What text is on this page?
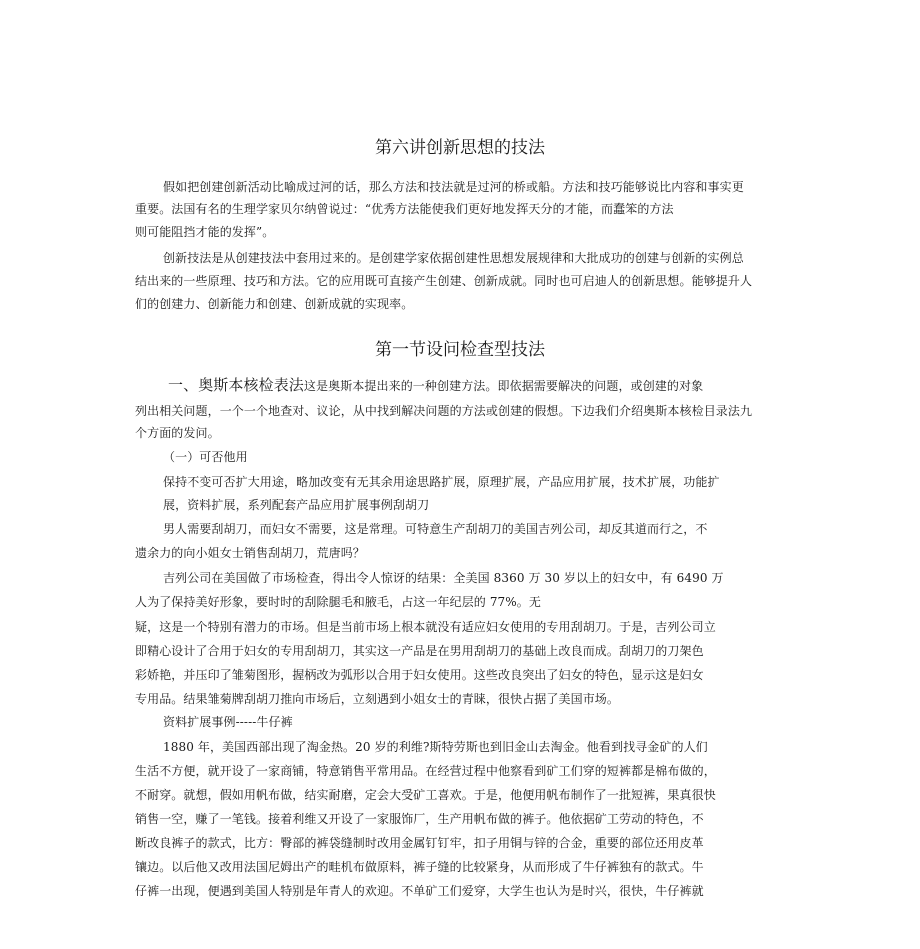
第六讲创新思想的技法
假如把创建创新活动比喻成过河的话，那么方法和技法就是过河的桥或船。方法和技巧能够说比内容和事实更
重要。法国有名的生理学家贝尔纳曾说过：“优秀方法能使我们更好地发挥天分的才能，而蠢笨的方法
则可能阻挡才能的发挥”。
创新技法是从创建技法中套用过来的。是创建学家依据创建性思想发展规律和大批成功的创建与创新的实例总
结出来的一些原理、技巧和方法。它的应用既可直接产生创建、创新成就。同时也可启迪人的创新思想。能够提升人
们的创建力、创新能力和创建、创新成就的实现率。
第一节设问检查型技法
一、奥斯本核检表法这是奥斯本提出来的一种创建方法。即依据需要解决的问题，或创建的对象
列出相关问题，一个一个地查对、议论，从中找到解决问题的方法或创建的假想。下边我们介绍奥斯本核检目录法九
个方面的发问。
（一）可否他用
保持不变可否扩大用途，略加改变有无其余用途思路扩展，原理扩展，产品应用扩展，技术扩展，功能扩
展，资料扩展，系列配套产品应用扩展事例刮胡刀
男人需要刮胡刀，而妇女不需要，这是常理。可特意生产刮胡刀的美国吉列公司，却反其道而行之，不
遗余力的向小姐女士销售刮胡刀，荒唐吗？
吉列公司在美国做了市场检查，得出令人惊讶的结果：全美国 8360 万 30 岁以上的妇女中，有 6490 万
人为了保持美好形象，要时时的刮除腿毛和腋毛，占这一年纪层的 77%。无
疑，这是一个特别有潜力的市场。但是当前市场上根本就没有适应妇女使用的专用刮胡刀。于是，吉列公司立
即精心设计了合用于妇女的专用刮胡刀，其实这一产品是在男用刮胡刀的基础上改良而成。刮胡刀的刀架色
彩娇艳，并压印了雏菊图形，握柄改为弧形以合用于妇女使用。这些改良突出了妇女的特色，显示这是妇女
专用品。结果雏菊牌刮胡刀推向市场后，立刻遇到小姐女士的青睐，很快占据了美国市场。
资料扩展事例-----牛仔裤
1880 年，美国西部出现了淘金热。20 岁的利维?斯特劳斯也到旧金山去淘金。他看到找寻金矿的人们
生活不方便，就开设了一家商铺，特意销售平常用品。在经营过程中他察看到矿工们穿的短裤都是棉布做的，
不耐穿。就想，假如用帆布做，结实耐磨，定会大受矿工喜欢。于是，他便用帆布制作了一批短裤，果真很快
销售一空，赚了一笔钱。接着利维又开设了一家服饰厂，生产用帆布做的裤子。他依据矿工劳动的特色，不
断改良裤子的款式，比方：臀部的裤袋缝制时改用金属钉钉牢，扣子用铜与锌的合金，重要的部位还用皮革
镶边。以后他又改用法国尼姆出产的畦机布做原料，裤子缝的比较紧身，从而形成了牛仔裤独有的款式。牛
仔裤一出现，便遇到美国人特别是年青人的欢迎。不单矿工们爱穿，大学生也认为是时兴，很快，牛仔裤就
